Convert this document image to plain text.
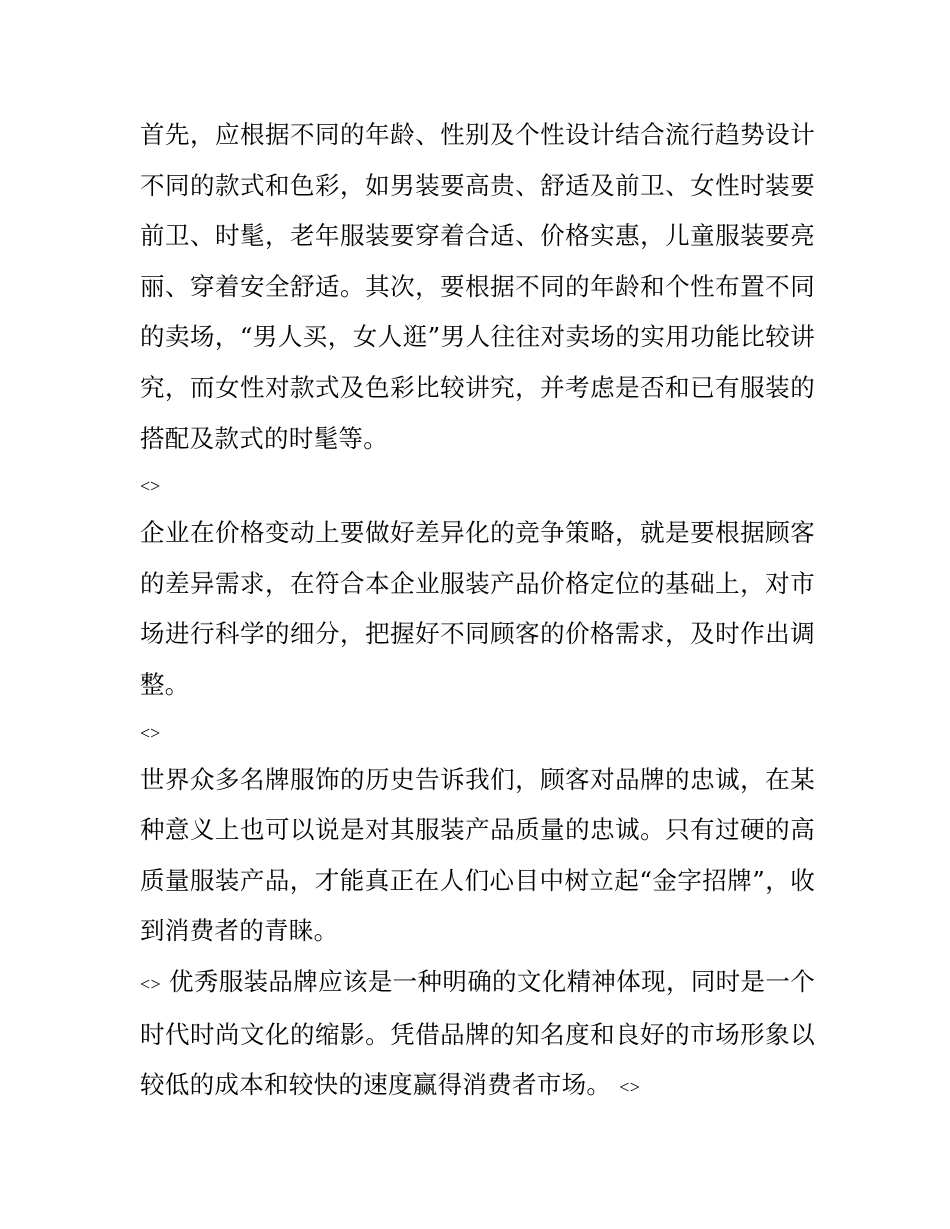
首先，应根据不同的年龄、性别及个性设计结合流行趋势设计不同的款式和色彩，如男装要高贵、舒适及前卫、女性时装要前卫、时髦，老年服装要穿着合适、价格实惠，儿童服装要亮丽、穿着安全舒适。其次，要根据不同的年龄和个性布置不同的卖场，“男人买，女人逛”男人往往对卖场的实用功能比较讲究，而女性对款式及色彩比较讲究，并考虑是否和已有服装的搭配及款式的时髦等。

<>

企业在价格变动上要做好差异化的竞争策略，就是要根据顾客的差异需求，在符合本企业服装产品价格定位的基础上，对市场进行科学的细分，把握好不同顾客的价格需求，及时作出调整。

<>

世界众多名牌服饰的历史告诉我们，顾客对品牌的忠诚，在某种意义上也可以说是对其服装产品质量的忠诚。只有过硬的高质量服装产品，才能真正在人们心目中树立起“金字招牌”，收到消费者的青睐。

<> 优秀服装品牌应该是一种明确的文化精神体现，同时是一个时代时尚文化的缩影。凭借品牌的知名度和良好的市场形象以较低的成本和较快的速度赢得消费者市场。 <>
